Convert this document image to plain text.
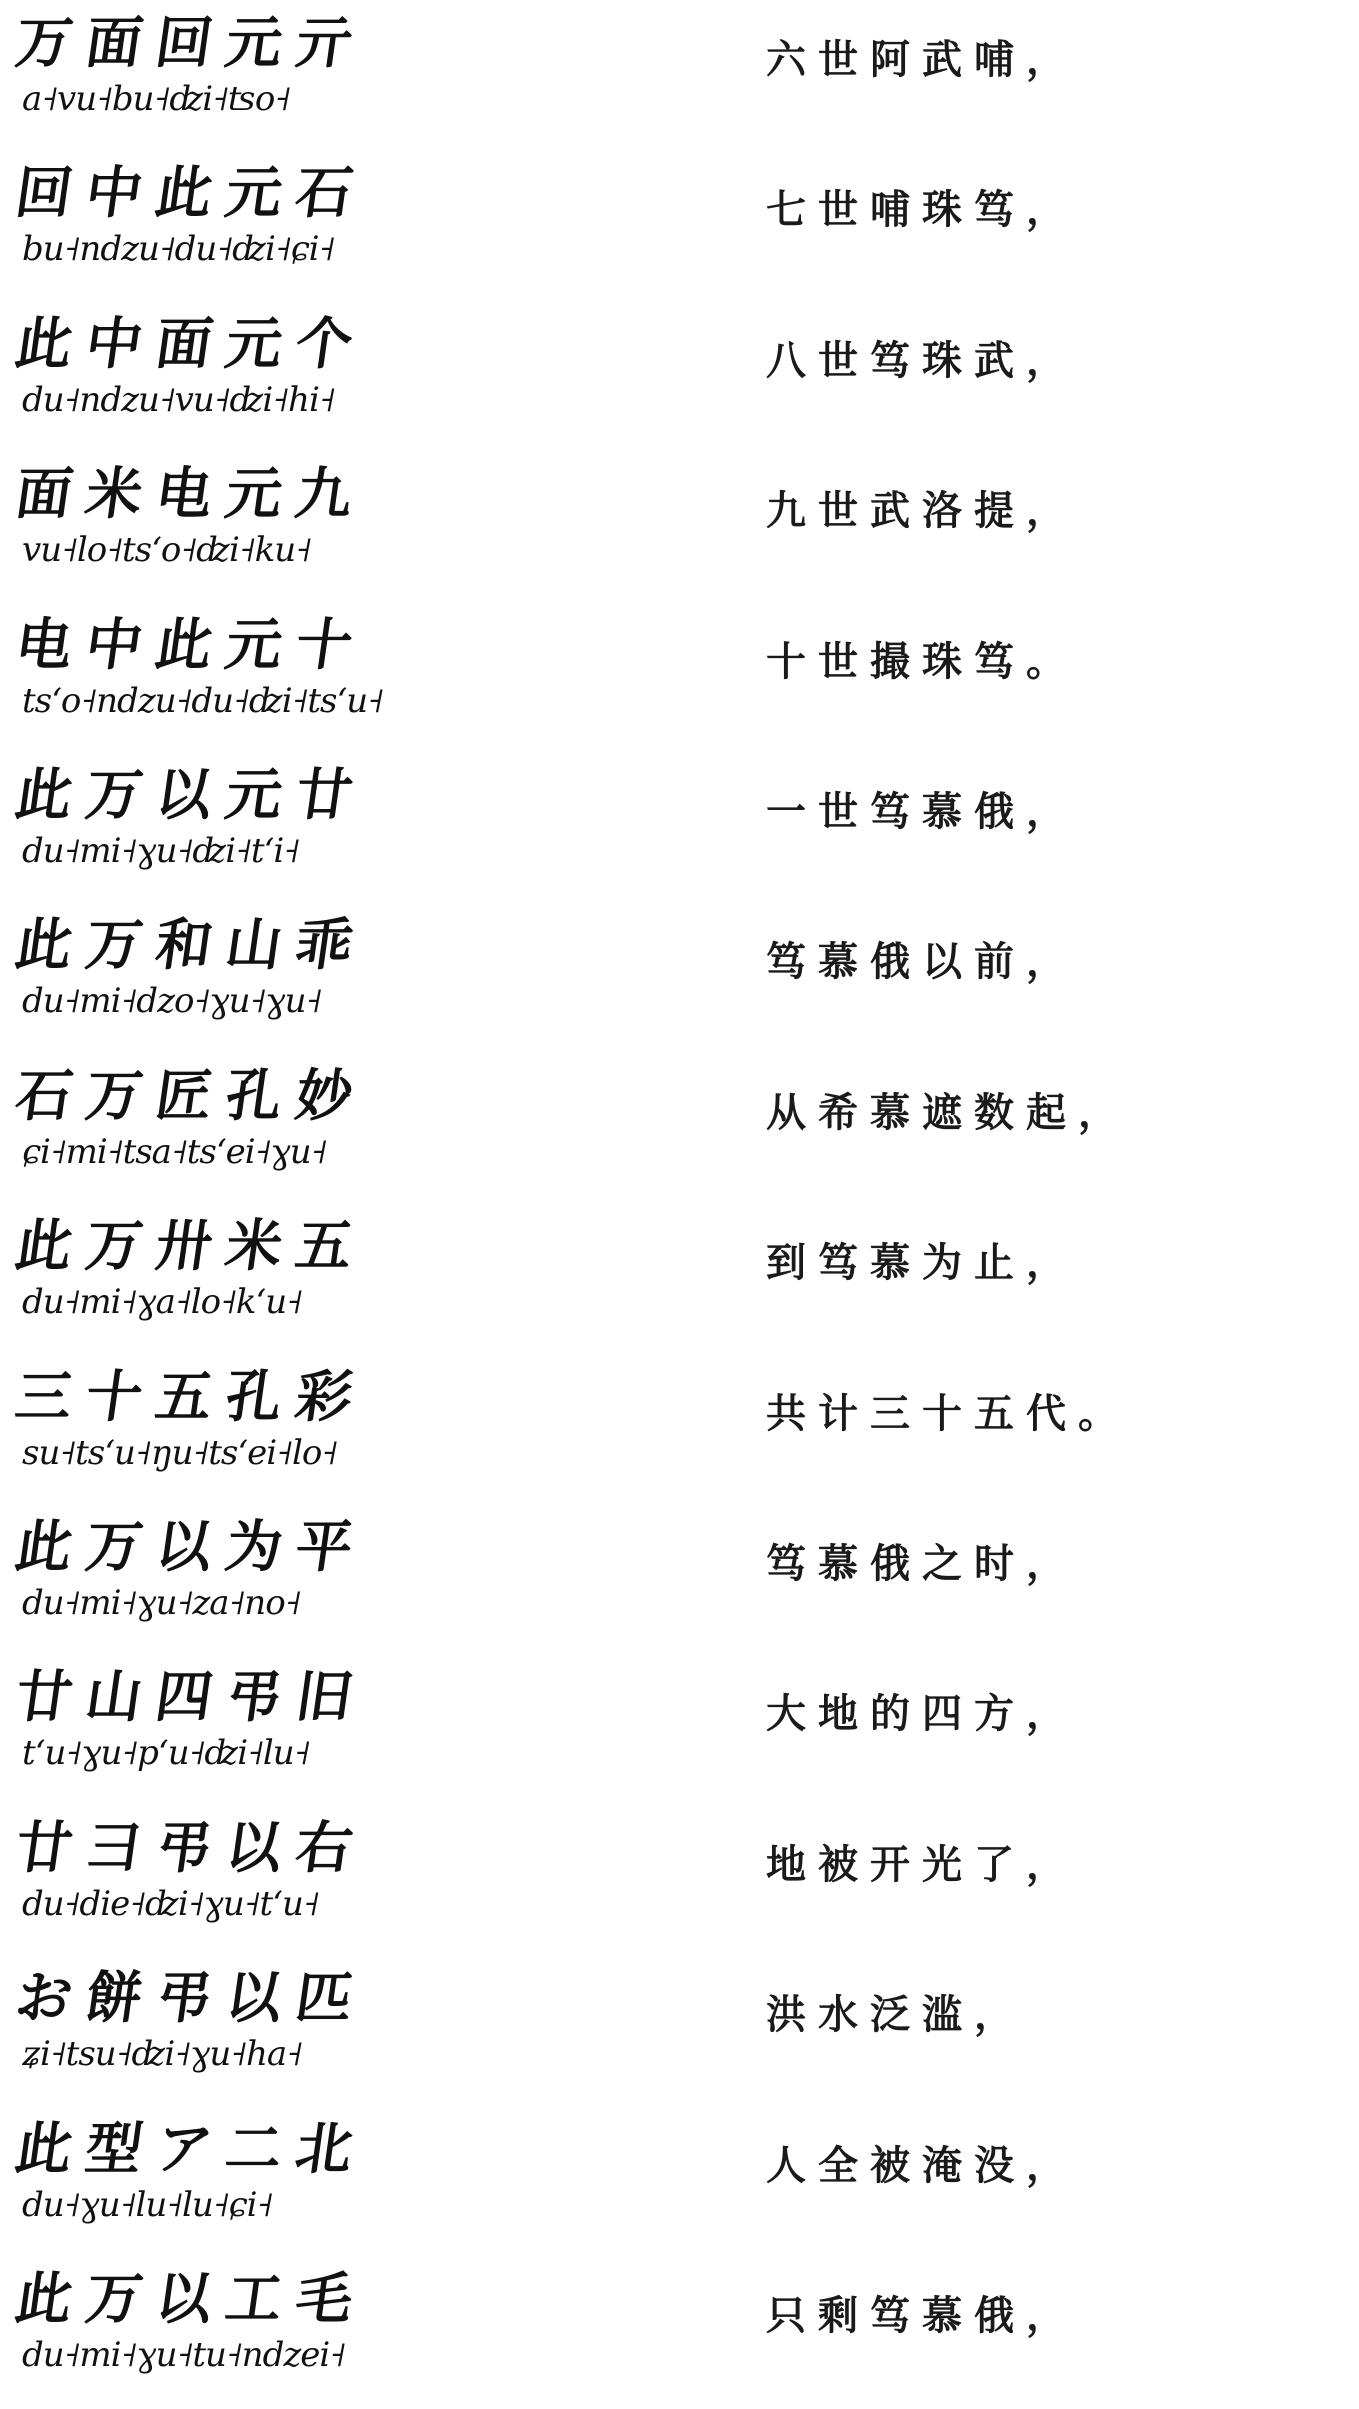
万面回元亓
a˧vu˧bu˧ʣi˧ʦo˧
六世阿武哺，
回中此元石
bu˧ndzu˧du˧ʣi˧ɕi˧
七世哺珠笃，
此中面元个
du˧ndzu˧vu˧ʣi˧hi˧
八世笃珠武，
面米电元九
vu˧lo˧tsʻo˧ʣi˧ku˧
九世武洛提，
电中此元十
tsʻo˧ndzu˧du˧ʣi˧tsʻu˧
十世撮珠笃。
此万以元廿
du˧mi˧ɣu˧ʣi˧tʻi˧
一世笃慕俄，
此万和山乖
du˧mi˧dzo˧ɣu˧ɣu˧
笃慕俄以前，
石万匠孔妙
ɕi˧mi˧tsa˧tsʻei˧ɣu˧
从希慕遮数起，
此万卅米五
du˧mi˧ɣa˧lo˧kʻu˧
到笃慕为止，
三十五孔彩
su˧tsʻu˧ŋu˧tsʻei˧lo˧
共计三十五代。
此万以为平
du˧mi˧ɣu˧za˧no˧
笃慕俄之时，
廿山四弔旧
tʻu˧ɣu˧pʻu˧ʣi˧lu˧
大地的四方，
廿彐弔以右
du˧die˧ʣi˧ɣu˧tʻu˧
地被开光了，
お餅弔以匹
ʑi˧tsu˧ʣi˧ɣu˧ha˧
洪水泛滥，
此型ア二北
du˧ɣu˧lu˧lu˧ɕi˧
人全被淹没，
此万以工毛
du˧mi˧ɣu˧tu˧ndzei˧
只剩笃慕俄，
